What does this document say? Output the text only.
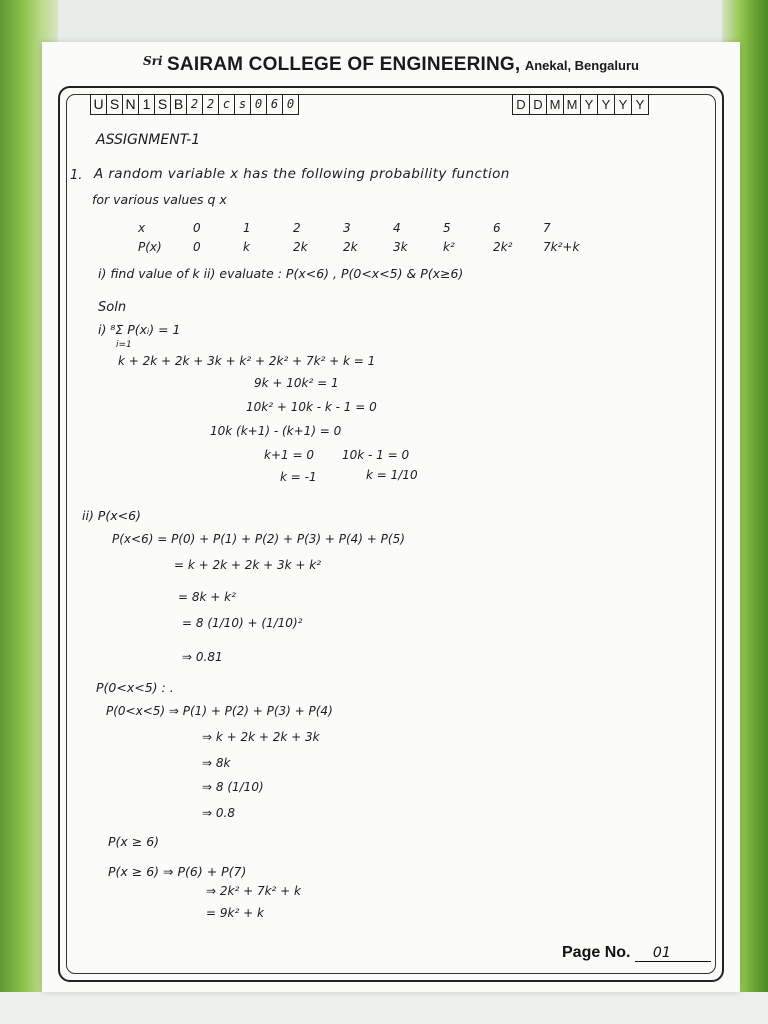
$^{Sri}$ SAIRAM COLLEGE OF ENGINEERING, Anekal, Bengaluru
U S N 1 S B 2 2 c s 0 6 0	D D M M Y Y Y Y
ASSIGNMENT-1
1. A random variable x has the following probability function
for various values q x
x	0	1	2	3	4	5	6	7
P(x)	0	k	2k	2k	3k	k²	2k²	7k²+k
i) find value of k ii) evaluate : P(x<6) , P(0<x<5) & P(x≥6)
Soln
i) ⁸Σ P(xᵢ) = 1
i=1
k + 2k + 2k + 3k + k² + 2k² + 7k² + k = 1
9k + 10k² = 1
10k² + 10k - k - 1 = 0
10k (k+1) - (k+1) = 0
k+1 = 0 10k - 1 = 0
k = -1	k = 1/10
ii) P(x<6)
P(x<6) = P(0) + P(1) + P(2) + P(3) + P(4) + P(5)
= k + 2k + 2k + 3k + k²
= 8k + k²
= 8 (1/10) + (1/10)²
⇒ 0.81
P(0<x<5) : .
P(0<x<5) ⇒ P(1) + P(2) + P(3) + P(4)
⇒ k + 2k + 2k + 3k
⇒ 8k
⇒ 8 (1/10)
⇒ 0.8
P(x ≥ 6)
P(x ≥ 6) ⇒ P(6) + P(7)
⇒ 2k² + 7k² + k
= 9k² + k
Page No. 01
